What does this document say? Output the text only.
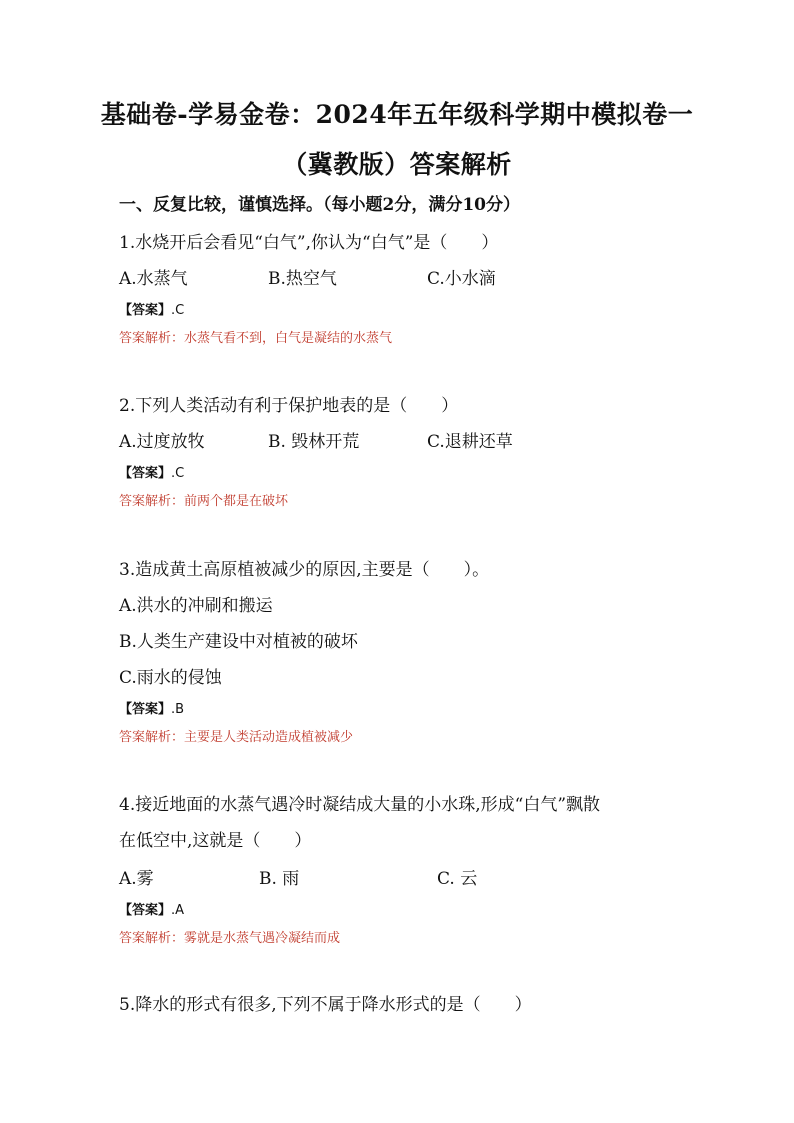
基础卷-学易金卷：2024年五年级科学期中模拟卷一
（冀教版）答案解析
一、反复比较，谨慎选择。（每小题2分，满分10分）
1.水烧开后会看见“白气”,你认为“白气”是（　　）
A.水蒸气	B.热空气	C.小水滴
【答案】.C
答案解析：水蒸气看不到，白气是凝结的水蒸气
2.下列人类活动有利于保护地表的是（　　）
A.过度放牧	B. 毁林开荒	C.退耕还草
【答案】.C
答案解析：前两个都是在破坏
3.造成黄土高原植被减少的原因,主要是（　　）。
A.洪水的冲刷和搬运
B.人类生产建设中对植被的破坏
C.雨水的侵蚀
【答案】.B
答案解析：主要是人类活动造成植被减少
4.接近地面的水蒸气遇冷时凝结成大量的小水珠,形成“白气”飘散
在低空中,这就是（　　）
A.雾	B. 雨	C. 云
【答案】.A
答案解析：雾就是水蒸气遇冷凝结而成
5.降水的形式有很多,下列不属于降水形式的是（　　）
